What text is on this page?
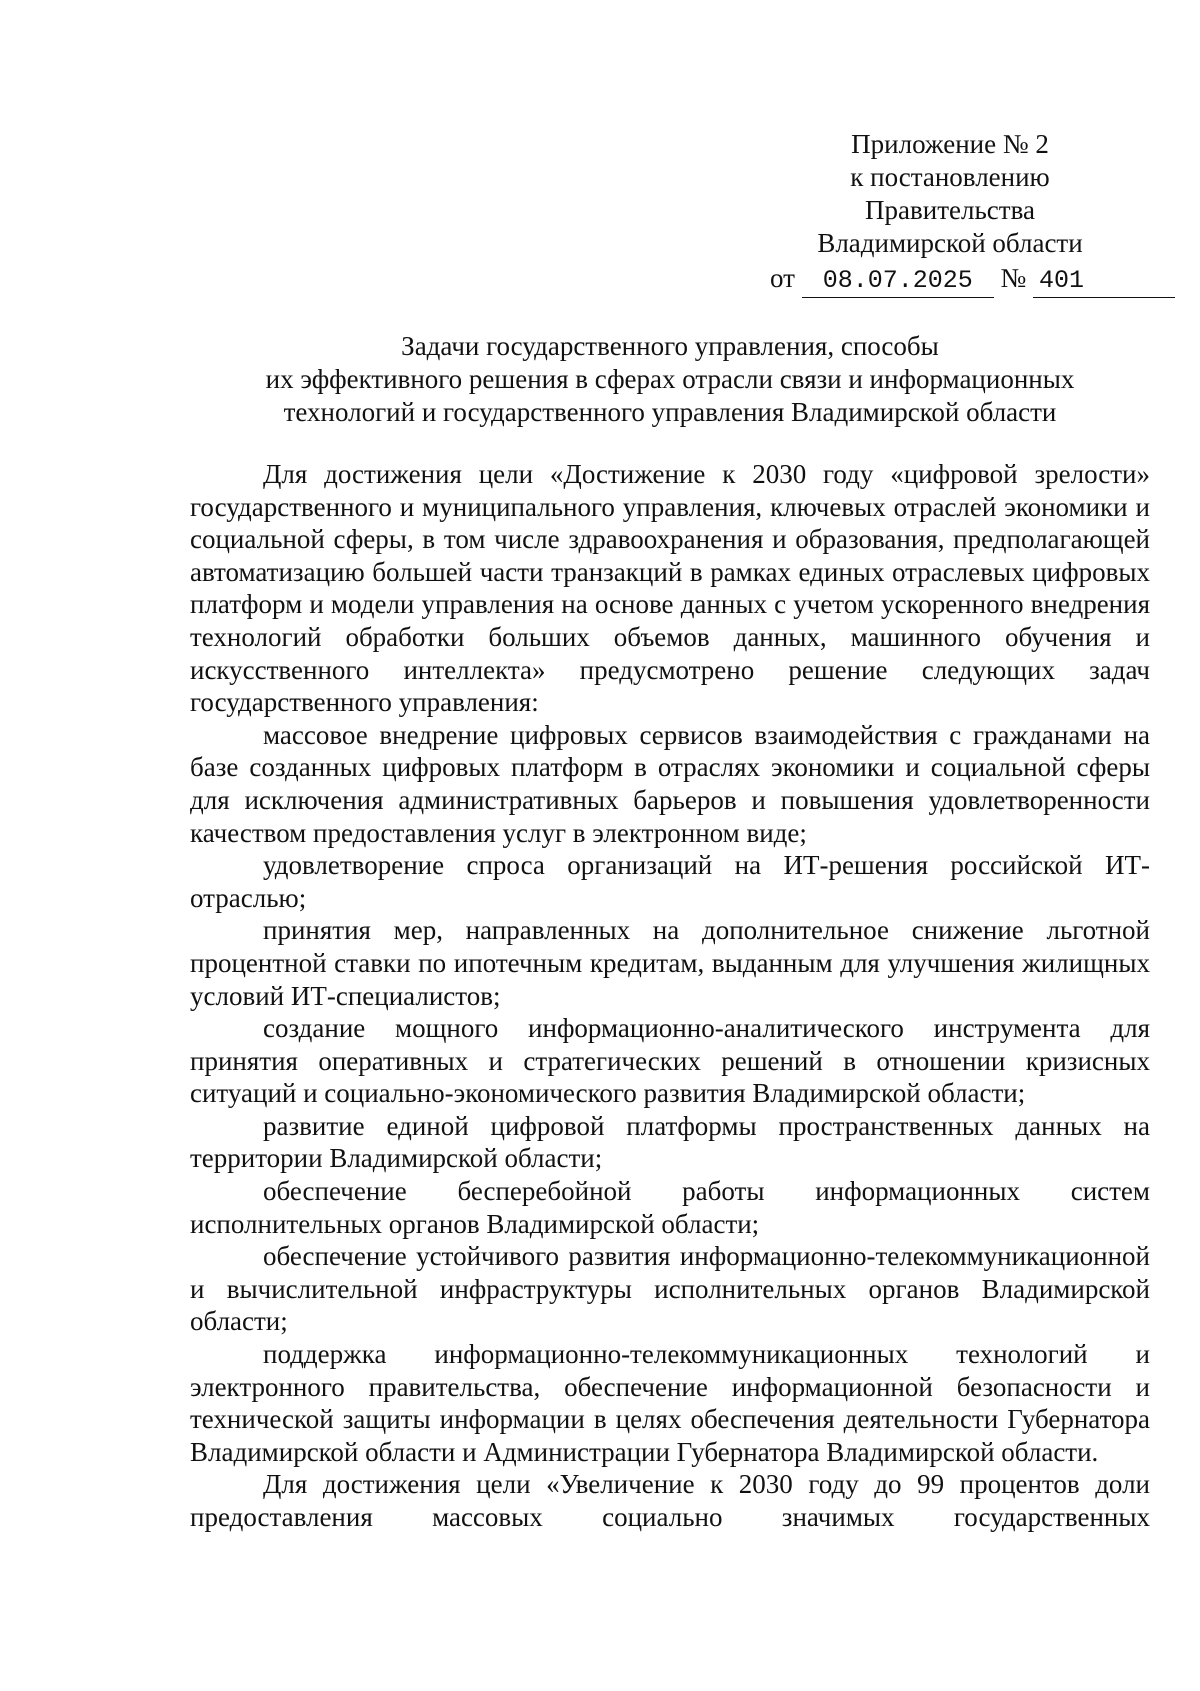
Приложение № 2
к постановлению
Правительства
Владимирской области
от 08.07.2025 № 401
Задачи государственного управления, способы
их эффективного решения в сферах отрасли связи и информационных
технологий и государственного управления Владимирской области

Для достижения цели «Достижение к 2030 году «цифровой зрелости» государственного и муниципального управления, ключевых отраслей экономики и социальной сферы, в том числе здравоохранения и образования, предполагающей автоматизацию большей части транзакций в рамках единых отраслевых цифровых платформ и модели управления на основе данных с учетом ускоренного внедрения технологий обработки больших объемов данных, машинного обучения и искусственного интеллекта» предусмотрено решение следующих задач государственного управления:

массовое внедрение цифровых сервисов взаимодействия с гражданами на базе созданных цифровых платформ в отраслях экономики и социальной сферы для исключения административных барьеров и повышения удовлетворенности качеством предоставления услуг в электронном виде;

удовлетворение спроса организаций на ИТ-решения российской ИТ-отраслью;

принятия мер, направленных на дополнительное снижение льготной процентной ставки по ипотечным кредитам, выданным для улучшения жилищных условий ИТ-специалистов;

создание мощного информационно-аналитического инструмента для принятия оперативных и стратегических решений в отношении кризисных ситуаций и социально-экономического развития Владимирской области;

развитие единой цифровой платформы пространственных данных на территории Владимирской области;

обеспечение бесперебойной работы информационных систем исполнительных органов Владимирской области;

обеспечение устойчивого развития информационно-телекоммуникационной и вычислительной инфраструктуры исполнительных органов Владимирской области;

поддержка информационно-телекоммуникационных технологий и электронного правительства, обеспечение информационной безопасности и технической защиты информации в целях обеспечения деятельности Губернатора Владимирской области и Администрации Губернатора Владимирской области.

Для достижения цели «Увеличение к 2030 году до 99 процентов доли предоставления массовых социально значимых государственных
